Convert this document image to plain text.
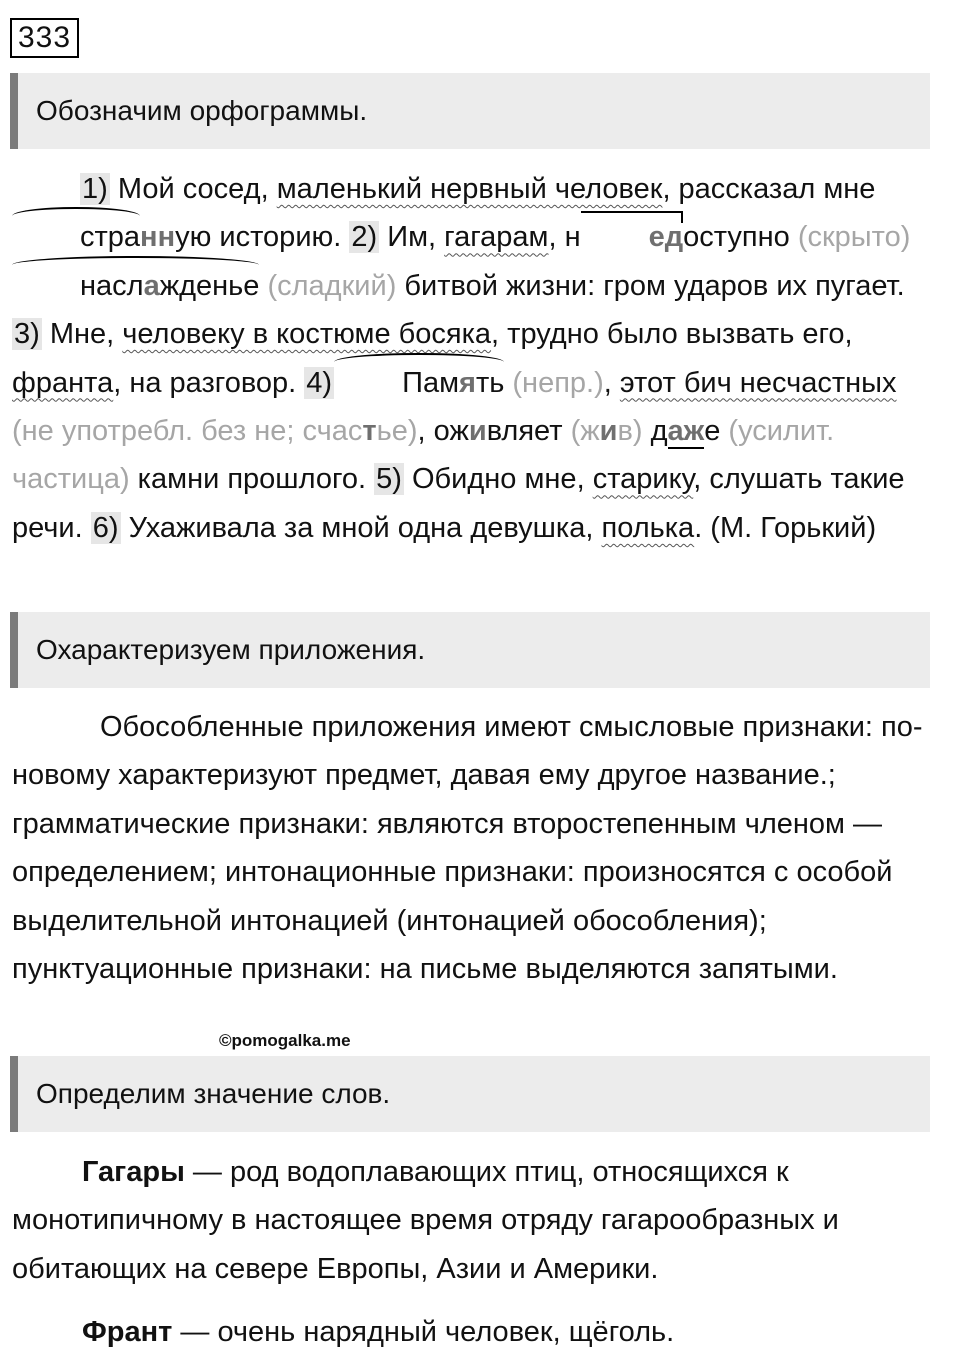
333
Обозначим орфограммы.

1) Мой сосед, маленький нервный человек, рассказал мне странную историю. 2) Им, гагарам, н едоступно (скрыто)наслажденье (сладкий) битвой жизни: гром ударов их пугает. 3) Мне, человеку в костюме босяка, трудно было вызвать его, франта, на разговор. 4)Память (непр.), этот бич несчастных (не употребл. без не; счастье), оживляет (жив) даже (усилит. частица) камни прошлого. 5) Обидно мне, старику, слушать такие речи. 6) Ухаживала за мной одна девушка, полька. (М. Горький)

Охарактеризуем приложения.

Обособленные приложения имеют смысловые признаки: по-новому характеризуют предмет, давая ему другое название.; грамматические признаки: являются второстепенным членом — определением; интонационные признаки: произносятся с особой выделительной интонацией (интонацией обособления); пунктуационные признаки: на письме выделяются запятыми.

©pomogalka.me
Определим значение слов.

Гагары — род водоплавающих птиц, относящихся к монотипичному в настоящее время отряду гагарообразных и обитающих на севере Европы, Азии и Америки.

Франт — очень нарядный человек, щёголь.
